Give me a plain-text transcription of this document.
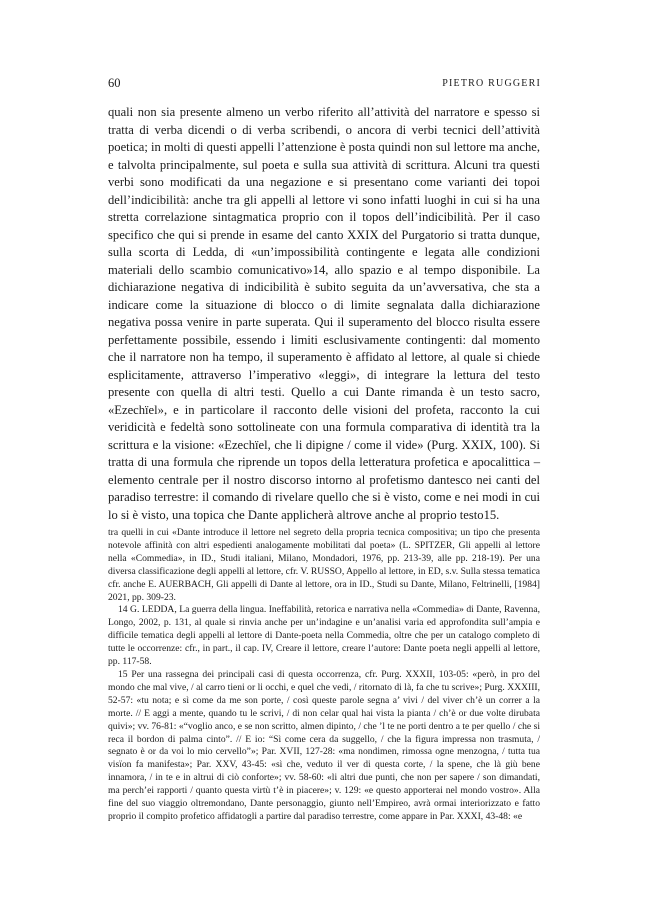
60	PIETRO RUGGERI

quali non sia presente almeno un verbo riferito all’attività del narratore e spesso si tratta di verba dicendi o di verba scribendi, o ancora di verbi tecnici dell’attività poetica; in molti di questi appelli l’attenzione è posta quindi non sul lettore ma anche, e talvolta principalmente, sul poeta e sulla sua attività di scrittura. Alcuni tra questi verbi sono modificati da una negazione e si presentano come varianti dei topoi dell’indicibilità: anche tra gli appelli al lettore vi sono infatti luoghi in cui si ha una stretta correlazione sintagmatica proprio con il topos dell’indicibilità. Per il caso specifico che qui si prende in esame del canto XXIX del Purgatorio si tratta dunque, sulla scorta di Ledda, di «un’impossibilità contingente e legata alle condizioni materiali dello scambio comunicativo»14, allo spazio e al tempo disponibile. La dichiarazione negativa di indicibilità è subito seguita da un’avversativa, che sta a indicare come la situazione di blocco o di limite segnalata dalla dichiarazione negativa possa venire in parte superata. Qui il superamento del blocco risulta essere perfettamente possibile, essendo i limiti esclusivamente contingenti: dal momento che il narratore non ha tempo, il superamento è affidato al lettore, al quale si chiede esplicitamente, attraverso l’imperativo «leggi», di integrare la lettura del testo presente con quella di altri testi. Quello a cui Dante rimanda è un testo sacro, «Ezechïel», e in particolare il racconto delle visioni del profeta, racconto la cui veridicità e fedeltà sono sottolineate con una formula comparativa di identità tra la scrittura e la visione: «Ezechïel, che li dipigne / come il vide» (Purg. XXIX, 100). Si tratta di una formula che riprende un topos della letteratura profetica e apocalittica – elemento centrale per il nostro discorso intorno al profetismo dantesco nei canti del paradiso terrestre: il comando di rivelare quello che si è visto, come e nei modi in cui lo si è visto, una topica che Dante applicherà altrove anche al proprio testo15.

tra quelli in cui «Dante introduce il lettore nel segreto della propria tecnica compositiva; un tipo che presenta notevole affinità con altri espedienti analogamente mobilitati dal poeta» (L. SPITZER, Gli appelli al lettore nella «Commedia», in ID., Studi italiani, Milano, Mondadori, 1976, pp. 213-39, alle pp. 218-19). Per una diversa classificazione degli appelli al lettore, cfr. V. RUSSO, Appello al lettore, in ED, s.v. Sulla stessa tematica cfr. anche E. AUERBACH, Gli appelli di Dante al lettore, ora in ID., Studi su Dante, Milano, Feltrinelli, [1984] 2021, pp. 309-23.

14 G. LEDDA, La guerra della lingua. Ineffabilità, retorica e narrativa nella «Commedia» di Dante, Ravenna, Longo, 2002, p. 131, al quale si rinvia anche per un’indagine e un’analisi varia ed approfondita sull’ampia e difficile tematica degli appelli al lettore di Dante-poeta nella Commedia, oltre che per un catalogo completo di tutte le occorrenze: cfr., in part., il cap. IV, Creare il lettore, creare l’autore: Dante poeta negli appelli al lettore, pp. 117-58.

15 Per una rassegna dei principali casi di questa occorrenza, cfr. Purg. XXXII, 103-05: «però, in pro del mondo che mal vive, / al carro tieni or li occhi, e quel che vedi, / ritornato di là, fa che tu scrive»; Purg. XXXIII, 52-57: «tu nota; e sì come da me son porte, / così queste parole segna a’ vivi / del viver ch’è un correr a la morte. // E aggi a mente, quando tu le scrivi, / di non celar qual hai vista la pianta / ch’è or due volte dirubata quivi»; vv. 76-81: «“voglio anco, e se non scritto, almen dipinto, / che ’l te ne porti dentro a te per quello / che si reca il bordon di palma cinto”. // E io: “Sì come cera da suggello, / che la figura impressa non trasmuta, / segnato è or da voi lo mio cervello”»; Par. XVII, 127-28: «ma nondimen, rimossa ogne menzogna, / tutta tua visïon fa manifesta»; Par. XXV, 43-45: «sì che, veduto il ver di questa corte, / la spene, che là giù bene innamora, / in te e in altrui di ciò conforte»; vv. 58-60: «li altri due punti, che non per sapere / son dimandati, ma perch’ei rapporti / quanto questa virtù t’è in piacere»; v. 129: «e questo apporterai nel mondo vostro». Alla fine del suo viaggio oltremondano, Dante personaggio, giunto nell’Empireo, avrà ormai interiorizzato e fatto proprio il compito profetico affidatogli a partire dal paradiso terrestre, come appare in Par. XXXI, 43-48: «e
